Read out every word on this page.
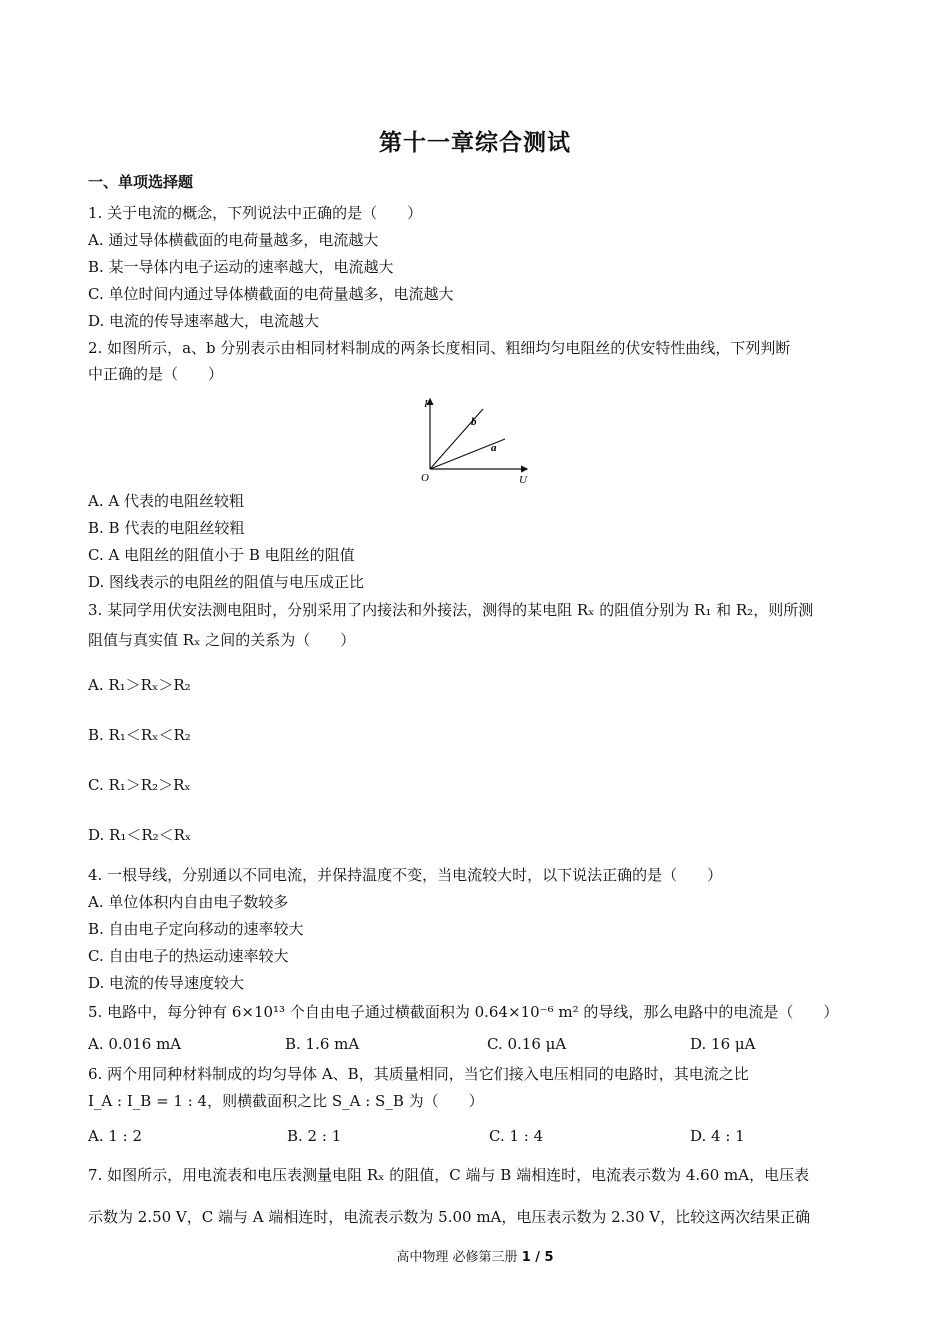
第十一章综合测试
一、单项选择题
1. 关于电流的概念，下列说法中正确的是（　　）
A. 通过导体横截面的电荷量越多，电流越大
B. 某一导体内电子运动的速率越大，电流越大
C. 单位时间内通过导体横截面的电荷量越多，电流越大
D. 电流的传导速率越大，电流越大
2. 如图所示，a、b 分别表示由相同材料制成的两条长度相同、粗细均匀电阻丝的伏安特性曲线，下列判断
中正确的是（　　）
I
U
O
b
a
A. A 代表的电阻丝较粗
B. B 代表的电阻丝较粗
C. A 电阻丝的阻值小于 B 电阻丝的阻值
D. 图线表示的电阻丝的阻值与电压成正比
3. 某同学用伏安法测电阻时，分别采用了内接法和外接法，测得的某电阻 Rₓ 的阻值分别为 R₁ 和 R₂，则所测
阻值与真实值 Rₓ 之间的关系为（　　）
A. R₁＞Rₓ＞R₂
B. R₁＜Rₓ＜R₂
C. R₁＞R₂＞Rₓ
D. R₁＜R₂＜Rₓ
4. 一根导线，分别通以不同电流，并保持温度不变，当电流较大时，以下说法正确的是（　　）
A. 单位体积内自由电子数较多
B. 自由电子定向移动的速率较大
C. 自由电子的热运动速率较大
D. 电流的传导速度较大
5. 电路中，每分钟有 6×10¹³ 个自由电子通过横截面积为 0.64×10⁻⁶ m² 的导线，那么电路中的电流是（　　）
A. 0.016 mA	B. 1.6 mA	C. 0.16 μA	D. 16 μA
6. 两个用同种材料制成的均匀导体 A、B，其质量相同，当它们接入电压相同的电路时，其电流之比
I_A : I_B = 1 : 4，则横截面积之比 S_A : S_B 为（　　）
A. 1 : 2	B. 2 : 1	C. 1 : 4	D. 4 : 1
7. 如图所示，用电流表和电压表测量电阻 Rₓ 的阻值，C 端与 B 端相连时，电流表示数为 4.60 mA，电压表
示数为 2.50 V，C 端与 A 端相连时，电流表示数为 5.00 mA，电压表示数为 2.30 V，比较这两次结果正确
高中物理 必修第三册 1 / 5
